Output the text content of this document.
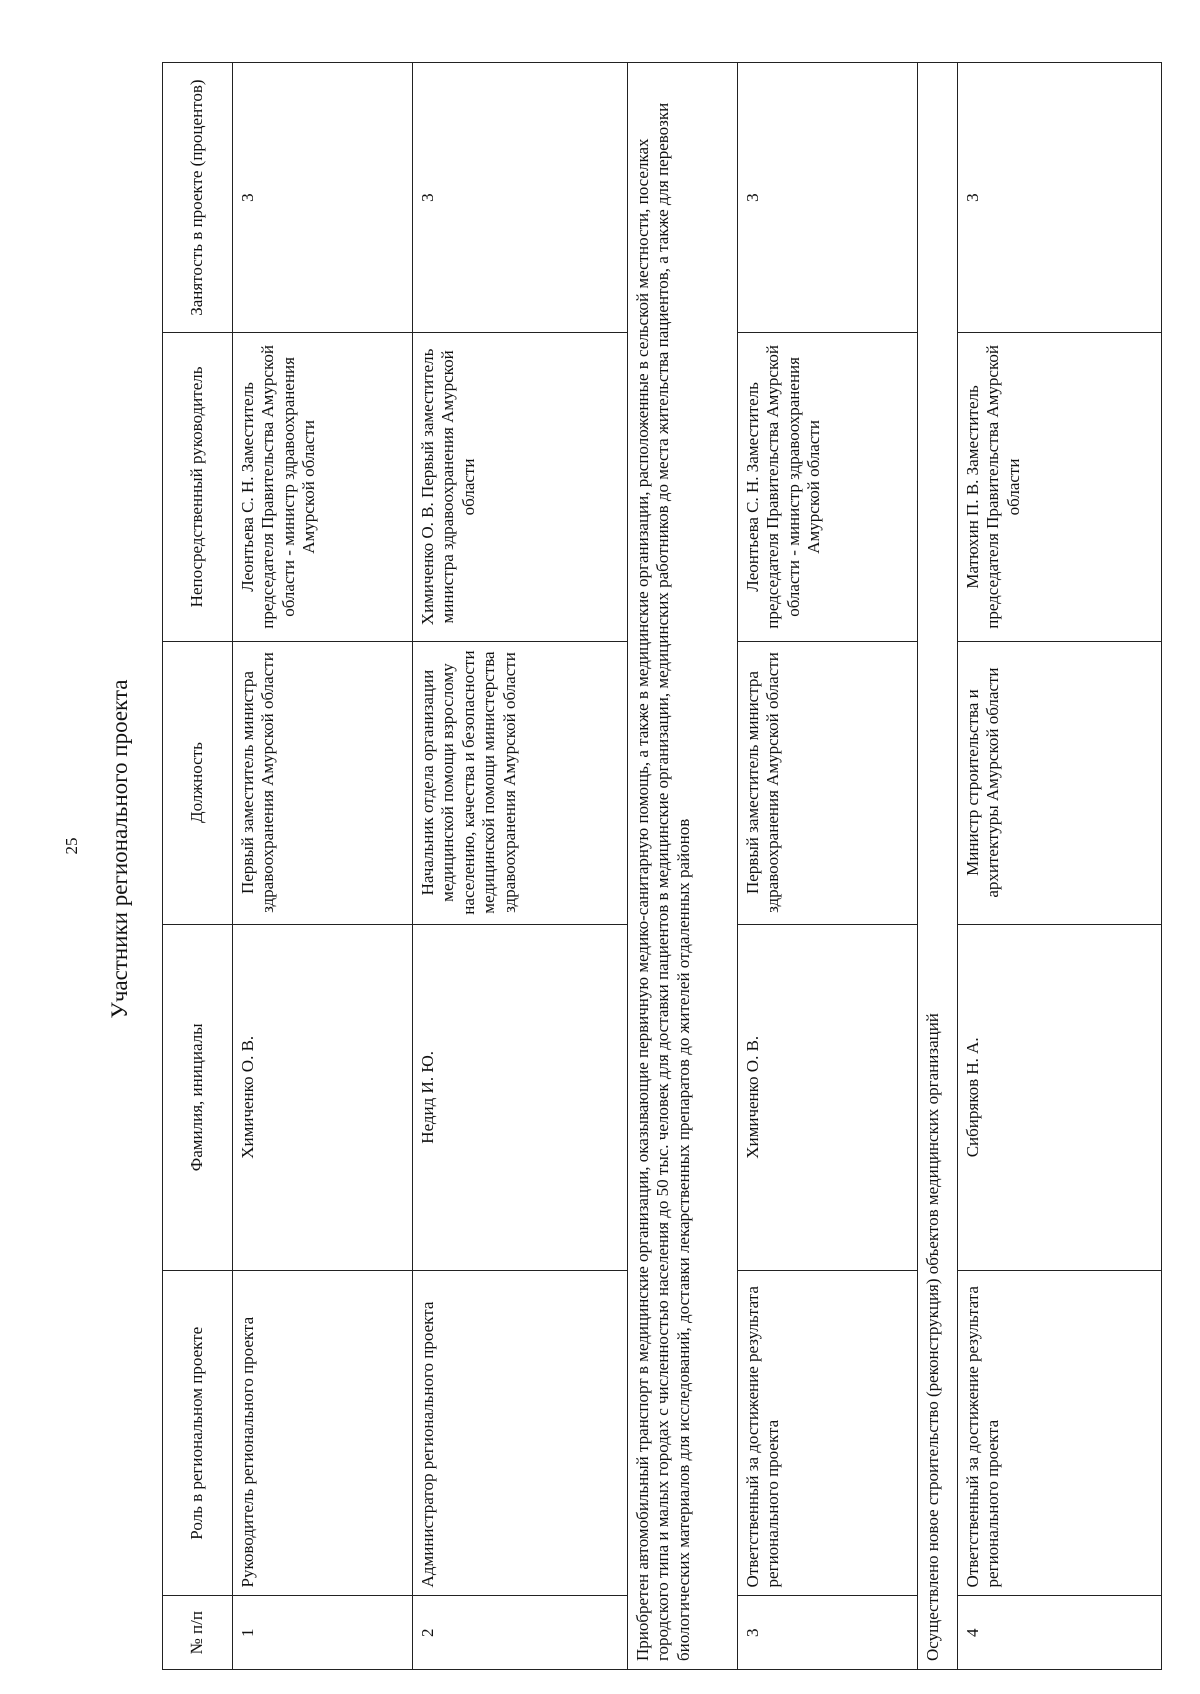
25 Участники регионального проекта
№ п/п	Роль в региональном проекте	Фамилия, инициалы	Должность	Непосредственный руководитель	Занятость в проекте (процентов)
1	Руководитель регионального проекта	Химиченко О. В.	Первый заместитель министра здравоохранения Амурской области	Леонтьева С. Н. Заместитель председателя Правительства Амурской области - министр здравоохранения Амурской области	3
2	Администратор регионального проекта	Недид И. Ю.	Начальник отдела организации медицинской помощи взрослому населению, качества и безопасности медицинской помощи министерства здравоохранения Амурской области	Химиченко О. В. Первый заместитель министра здравоохранения Амурской области	3
Приобретен автомобильный транспорт в медицинские организации, оказывающие первичную медико-санитарную помощь, а также в медицинские организации, расположенные в сельской местности, поселках городского типа и малых городах с численностью населения до 50 тыс. человек для доставки пациентов в медицинские организации, медицинских работников до места жительства пациентов, а также для перевозки биологических материалов для исследований, доставки лекарственных препаратов до жителей отдаленных районов					
3	Ответственный за достижение результата регионального проекта	Химиченко О. В.	Первый заместитель министра здравоохранения Амурской области	Леонтьева С. Н. Заместитель председателя Правительства Амурской области - министр здравоохранения Амурской области	3
Осуществлено новое строительство (реконструкция) объектов медицинских организаций					
4	Ответственный за достижение результата регионального проекта	Сибиряков Н. А.	Министр строительства и архитектуры Амурской области	Матюхин П. В. Заместитель председателя Правительства Амурской области	3
